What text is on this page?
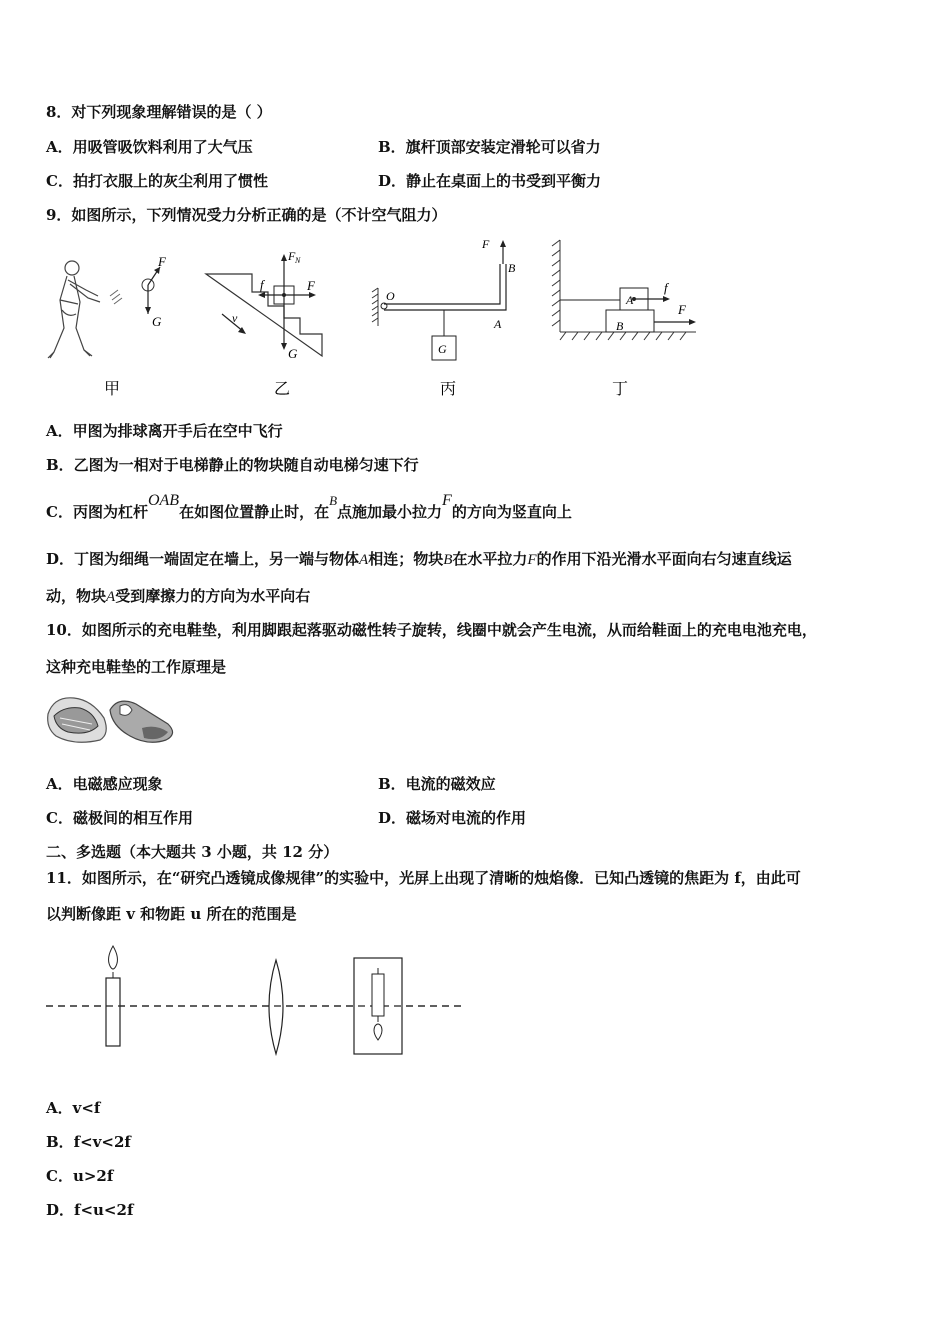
8．对下列现象理解错误的是（ ）
A．用吸管吸饮料利用了大气压	B．旗杆顶部安装定滑轮可以省力
C．拍打衣服上的灰尘利用了惯性	D．静止在桌面上的书受到平衡力
9．如图所示，下列情况受力分析正确的是（不计空气阻力）
F
G
甲
F N
F
f
G
v
乙
G
O
A
B
F
丙
A
B
f
F
丁
A．甲图为排球离开手后在空中飞行
B．乙图为一相对于电梯静止的物块随自动电梯匀速下行
C．丙图为杠杆OAB在如图位置静止时，在B点施加最小拉力F的方向为竖直向上
D．丁图为细绳一端固定在墙上，另一端与物体A相连；物块B在水平拉力F的作用下沿光滑水平面向右匀速直线运
动，物块A受到摩擦力的方向为水平向右
10．如图所示的充电鞋垫，利用脚跟起落驱动磁性转子旋转，线圈中就会产生电流，从而给鞋面上的充电电池充电，
这种充电鞋垫的工作原理是
A．电磁感应现象	B．电流的磁效应
C．磁极间的相互作用	D．磁场对电流的作用
二、多选题（本大题共 3 小题，共 12 分）
11．如图所示，在“研究凸透镜成像规律”的实验中，光屏上出现了清晰的烛焰像．已知凸透镜的焦距为 f，由此可
以判断像距 v 和物距 u 所在的范围是
A．v<f
B．f<v<2f
C．u>2f
D．f<u<2f
